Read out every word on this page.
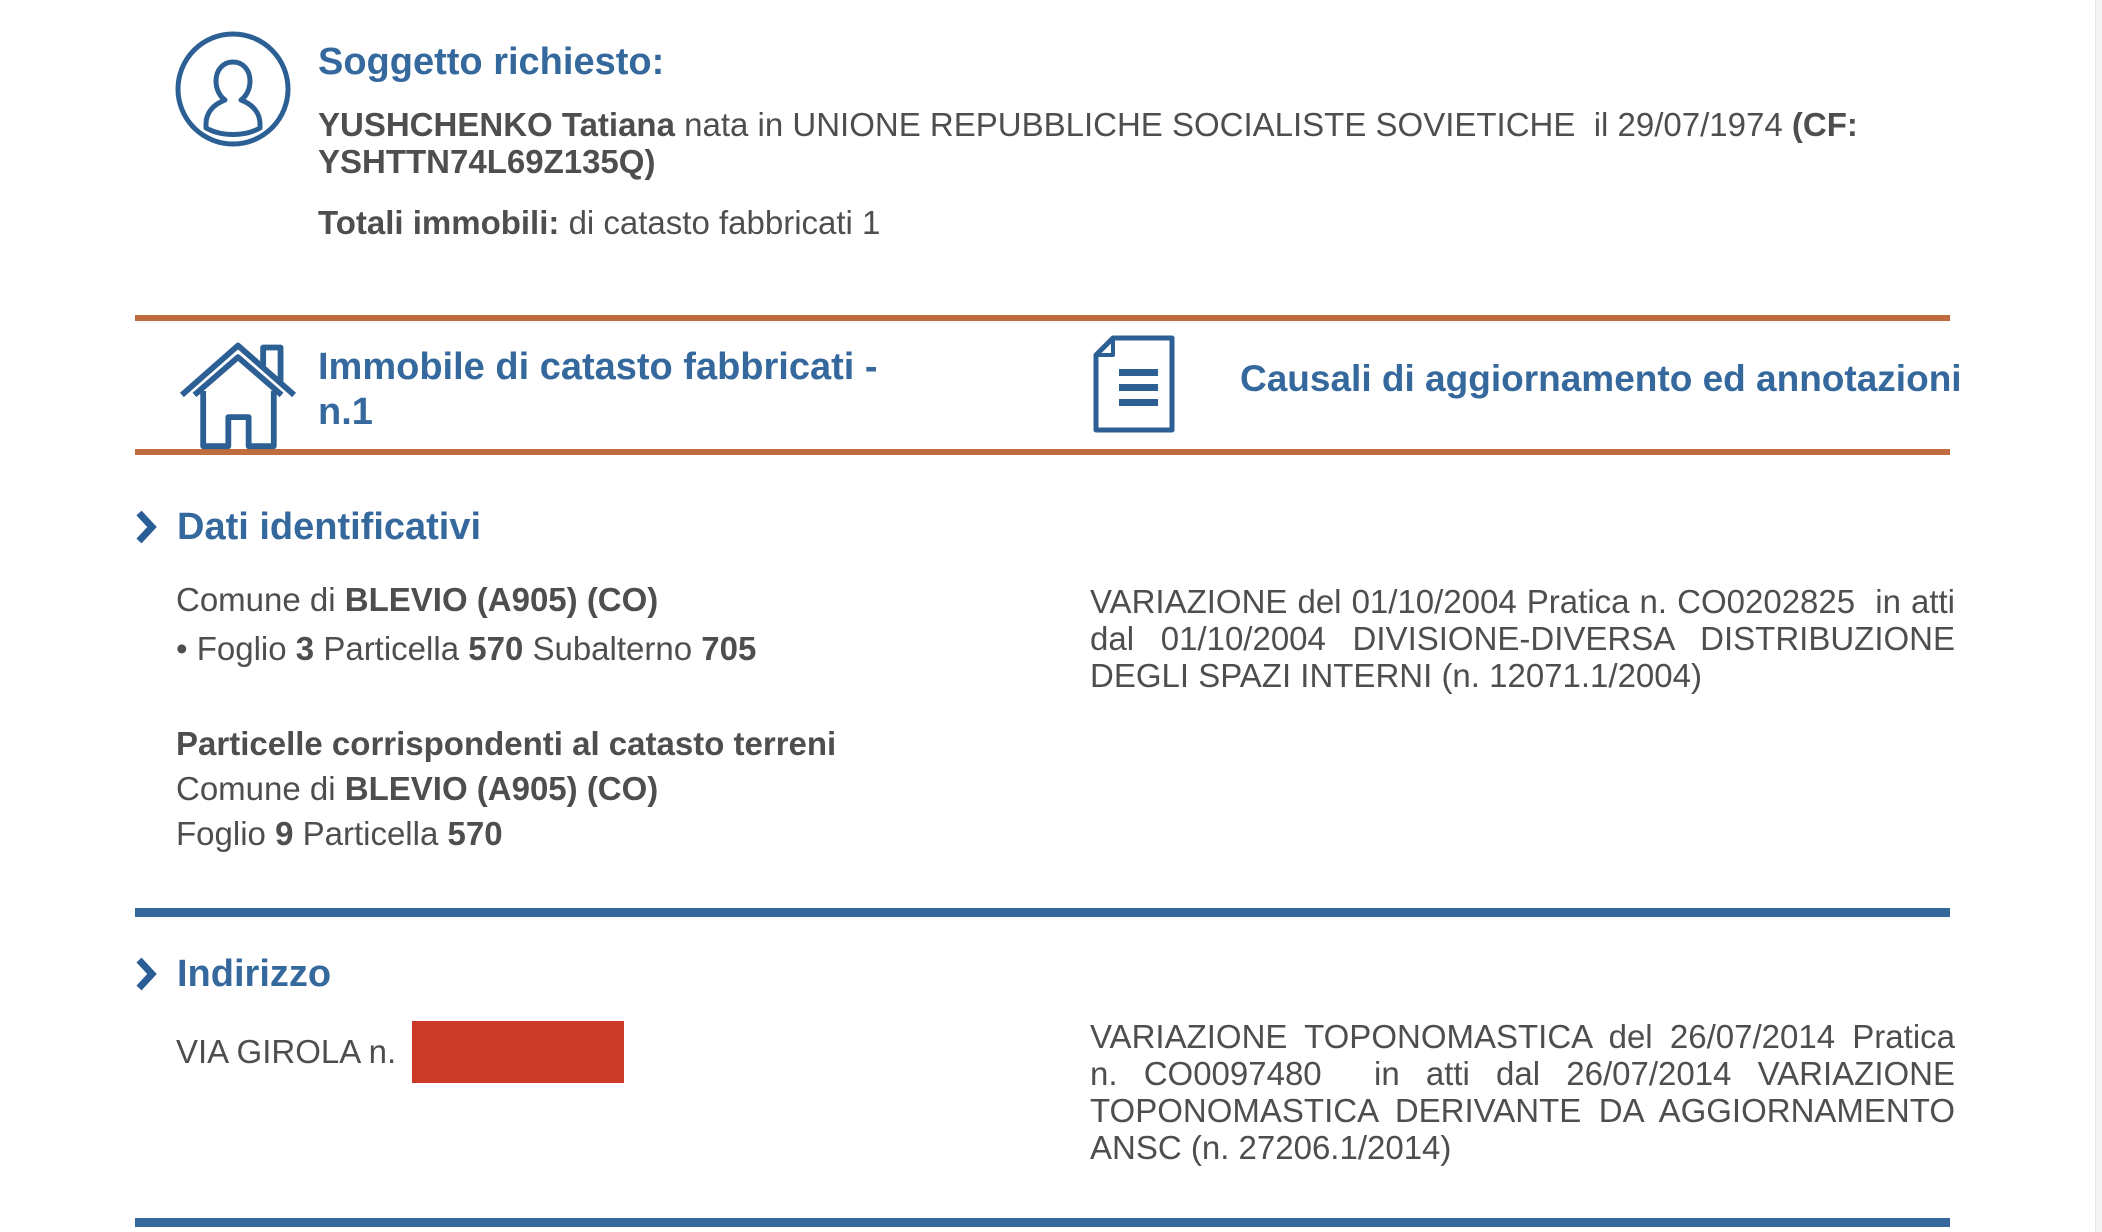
Soggetto richiesto:
YUSHCHENKO Tatiana nata in UNIONE REPUBBLICHE SOCIALISTE SOVIETICHE  il 29/07/1974 (CF: YSHTTN74L69Z135Q)
Totali immobili: di catasto fabbricati 1
Immobile di catasto fabbricati - n.1
Causali di aggiornamento ed annotazioni
Dati identificativi
Comune di BLEVIO (A905) (CO)
• Foglio 3 Particella 570 Subalterno 705
Particelle corrispondenti al catasto terreni
Comune di BLEVIO (A905) (CO)
Foglio 9 Particella 570
VARIAZIONE del 01/10/2004 Pratica n. CO0202825  in atti dal 01/10/2004 DIVISIONE-DIVERSA DISTRIBUZIONE DEGLI SPAZI INTERNI (n. 12071.1/2004)
Indirizzo
VIA GIROLA n.	VARIAZIONE TOPONOMASTICA del 26/07/2014 Pratica n. CO0097480  in atti dal 26/07/2014 VARIAZIONE TOPONOMASTICA DERIVANTE DA AGGIORNAMENTO ANSC (n. 27206.1/2014)
